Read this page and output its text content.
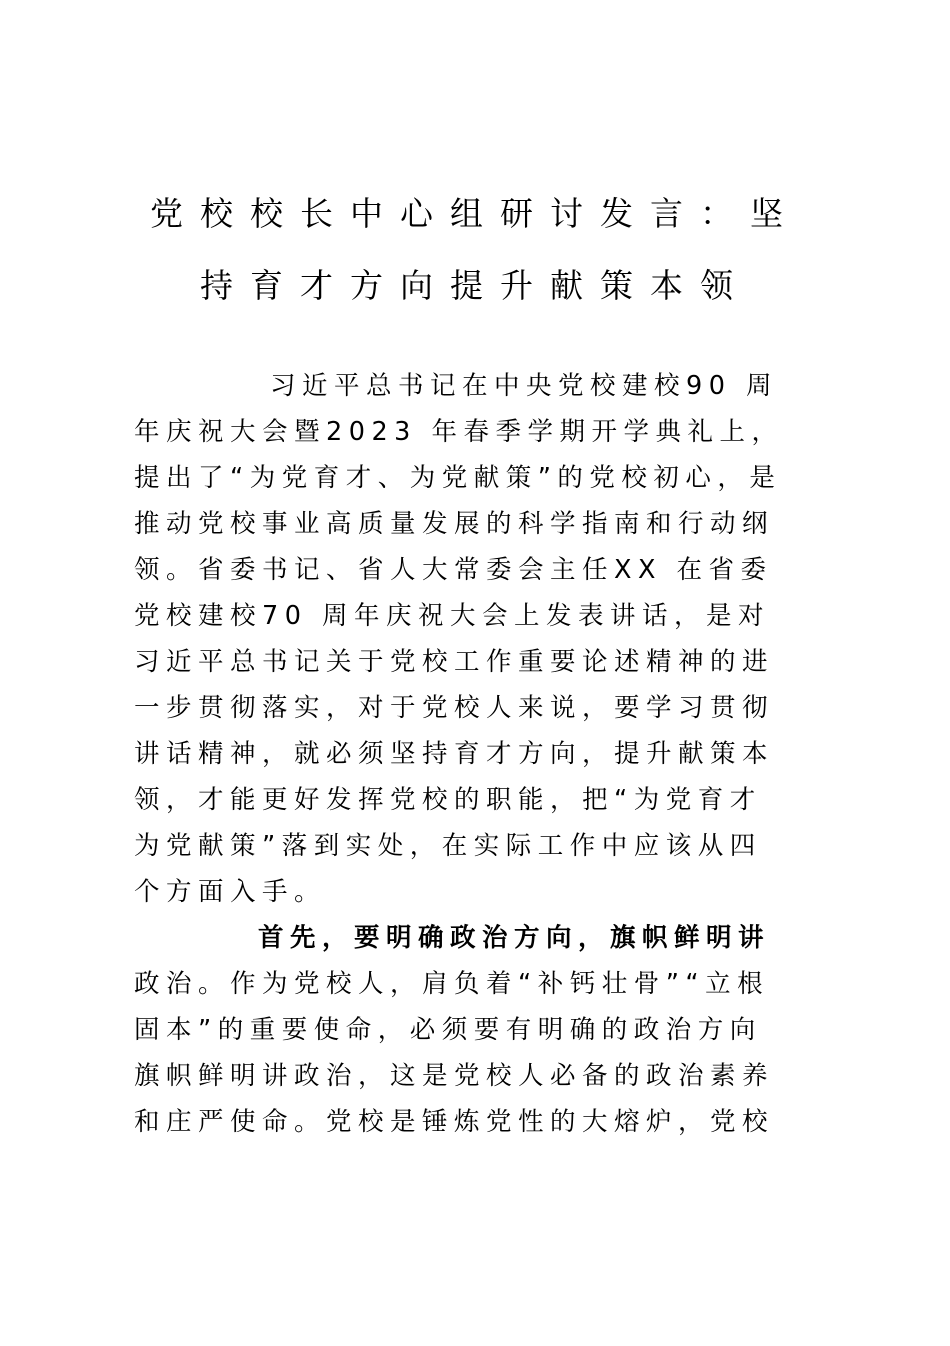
党校校长中心组研讨发言：坚
持育才方向提升献策本领
习近平总书记在中央党校建校90 周
年庆祝大会暨2023 年春季学期开学典礼上，
提出了“为党育才、为党献策”的党校初心，是
推动党校事业高质量发展的科学指南和行动纲
领。省委书记、省人大常委会主任XX 在省委
党校建校70 周年庆祝大会上发表讲话，是对
习近平总书记关于党校工作重要论述精神的进
一步贯彻落实，对于党校人来说，要学习贯彻
讲话精神，就必须坚持育才方向，提升献策本
领，才能更好发挥党校的职能，把“为党育才
为党献策”落到实处，在实际工作中应该从四
个方面入手。
首先，要明确政治方向，旗帜鲜明讲
政治。作为党校人，肩负着“补钙壮骨”“立根
固本”的重要使命，必须要有明确的政治方向
旗帜鲜明讲政治，这是党校人必备的政治素养
和庄严使命。党校是锤炼党性的大熔炉，党校
